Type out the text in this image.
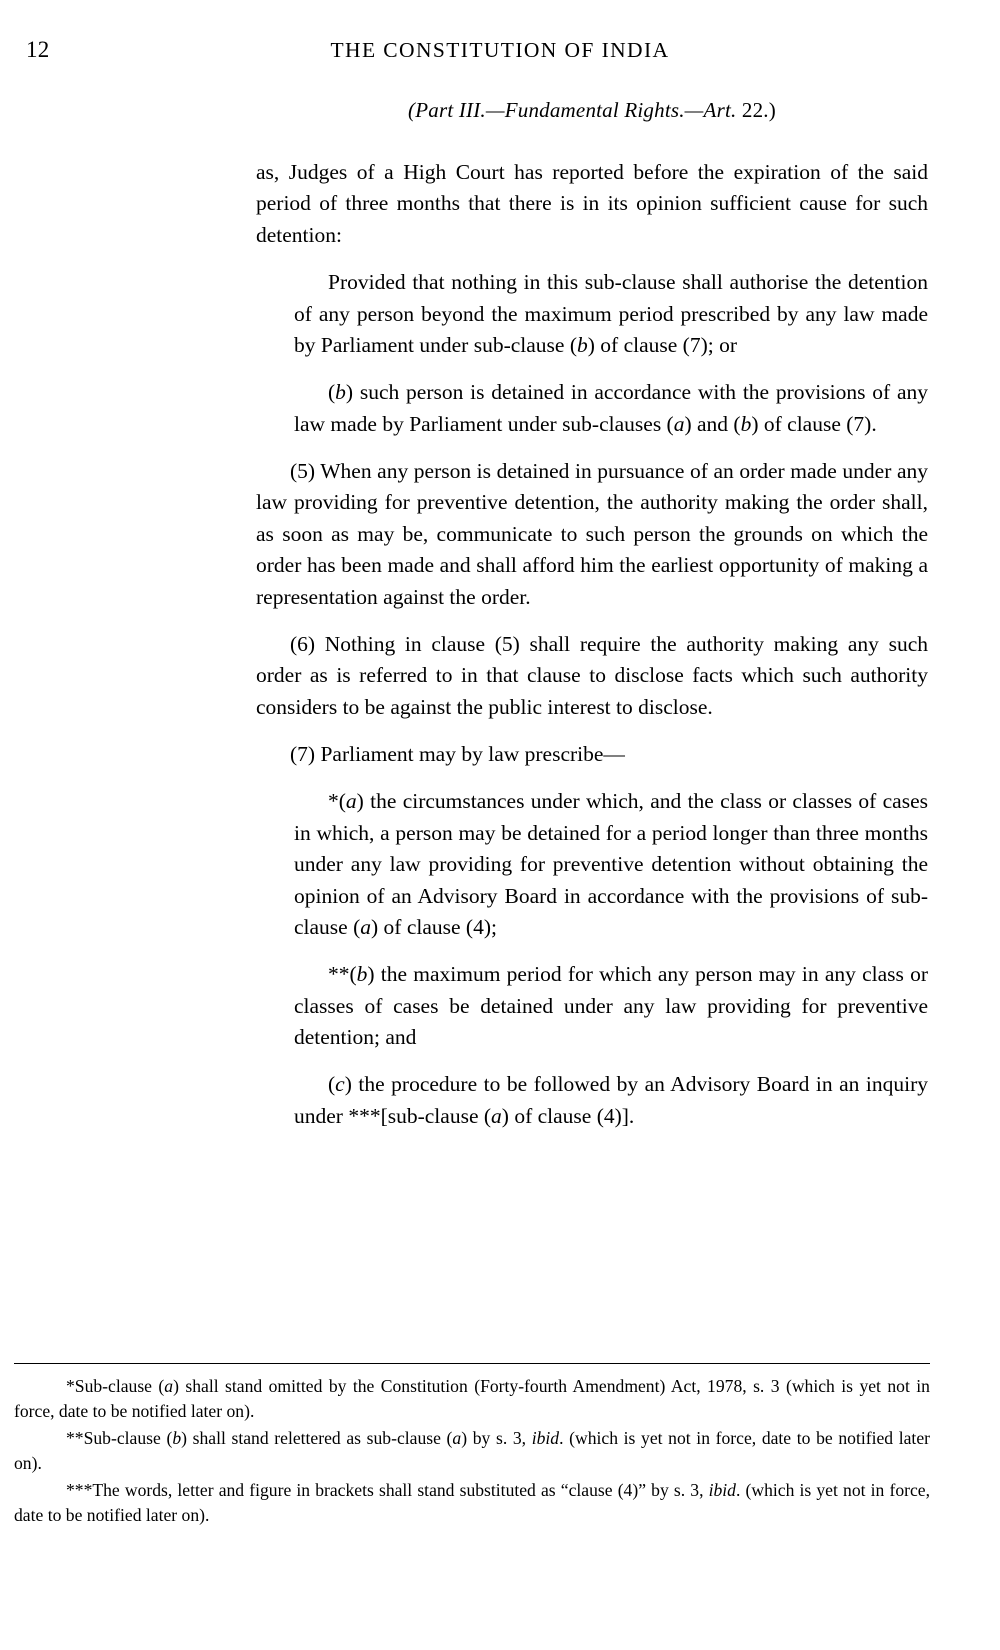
12	THE CONSTITUTION OF INDIA
(Part III.—Fundamental Rights.—Art. 22.)

as, Judges of a High Court has reported before the expiration of the said period of three months that there is in its opinion sufficient cause for such detention:

Provided that nothing in this sub-clause shall authorise the detention of any person beyond the maximum period prescribed by any law made by Parliament under sub-clause (b) of clause (7); or

(b) such person is detained in accordance with the provisions of any law made by Parliament under sub-clauses (a) and (b) of clause (7).

(5) When any person is detained in pursuance of an order made under any law providing for preventive detention, the authority making the order shall, as soon as may be, communicate to such person the grounds on which the order has been made and shall afford him the earliest opportunity of making a representation against the order.

(6) Nothing in clause (5) shall require the authority making any such order as is referred to in that clause to disclose facts which such authority considers to be against the public interest to disclose.

(7) Parliament may by law prescribe—

*(a) the circumstances under which, and the class or classes of cases in which, a person may be detained for a period longer than three months under any law providing for preventive detention without obtaining the opinion of an Advisory Board in accordance with the provisions of sub-clause (a) of clause (4);

**(b) the maximum period for which any person may in any class or classes of cases be detained under any law providing for preventive detention; and

(c) the procedure to be followed by an Advisory Board in an inquiry under ***[sub-clause (a) of clause (4)].

*Sub-clause (a) shall stand omitted by the Constitution (Forty-fourth Amendment) Act, 1978, s. 3 (which is yet not in force, date to be notified later on).

**Sub-clause (b) shall stand relettered as sub-clause (a) by s. 3, ibid. (which is yet not in force, date to be notified later on).

***The words, letter and figure in brackets shall stand substituted as “clause (4)” by s. 3, ibid. (which is yet not in force, date to be notified later on).
